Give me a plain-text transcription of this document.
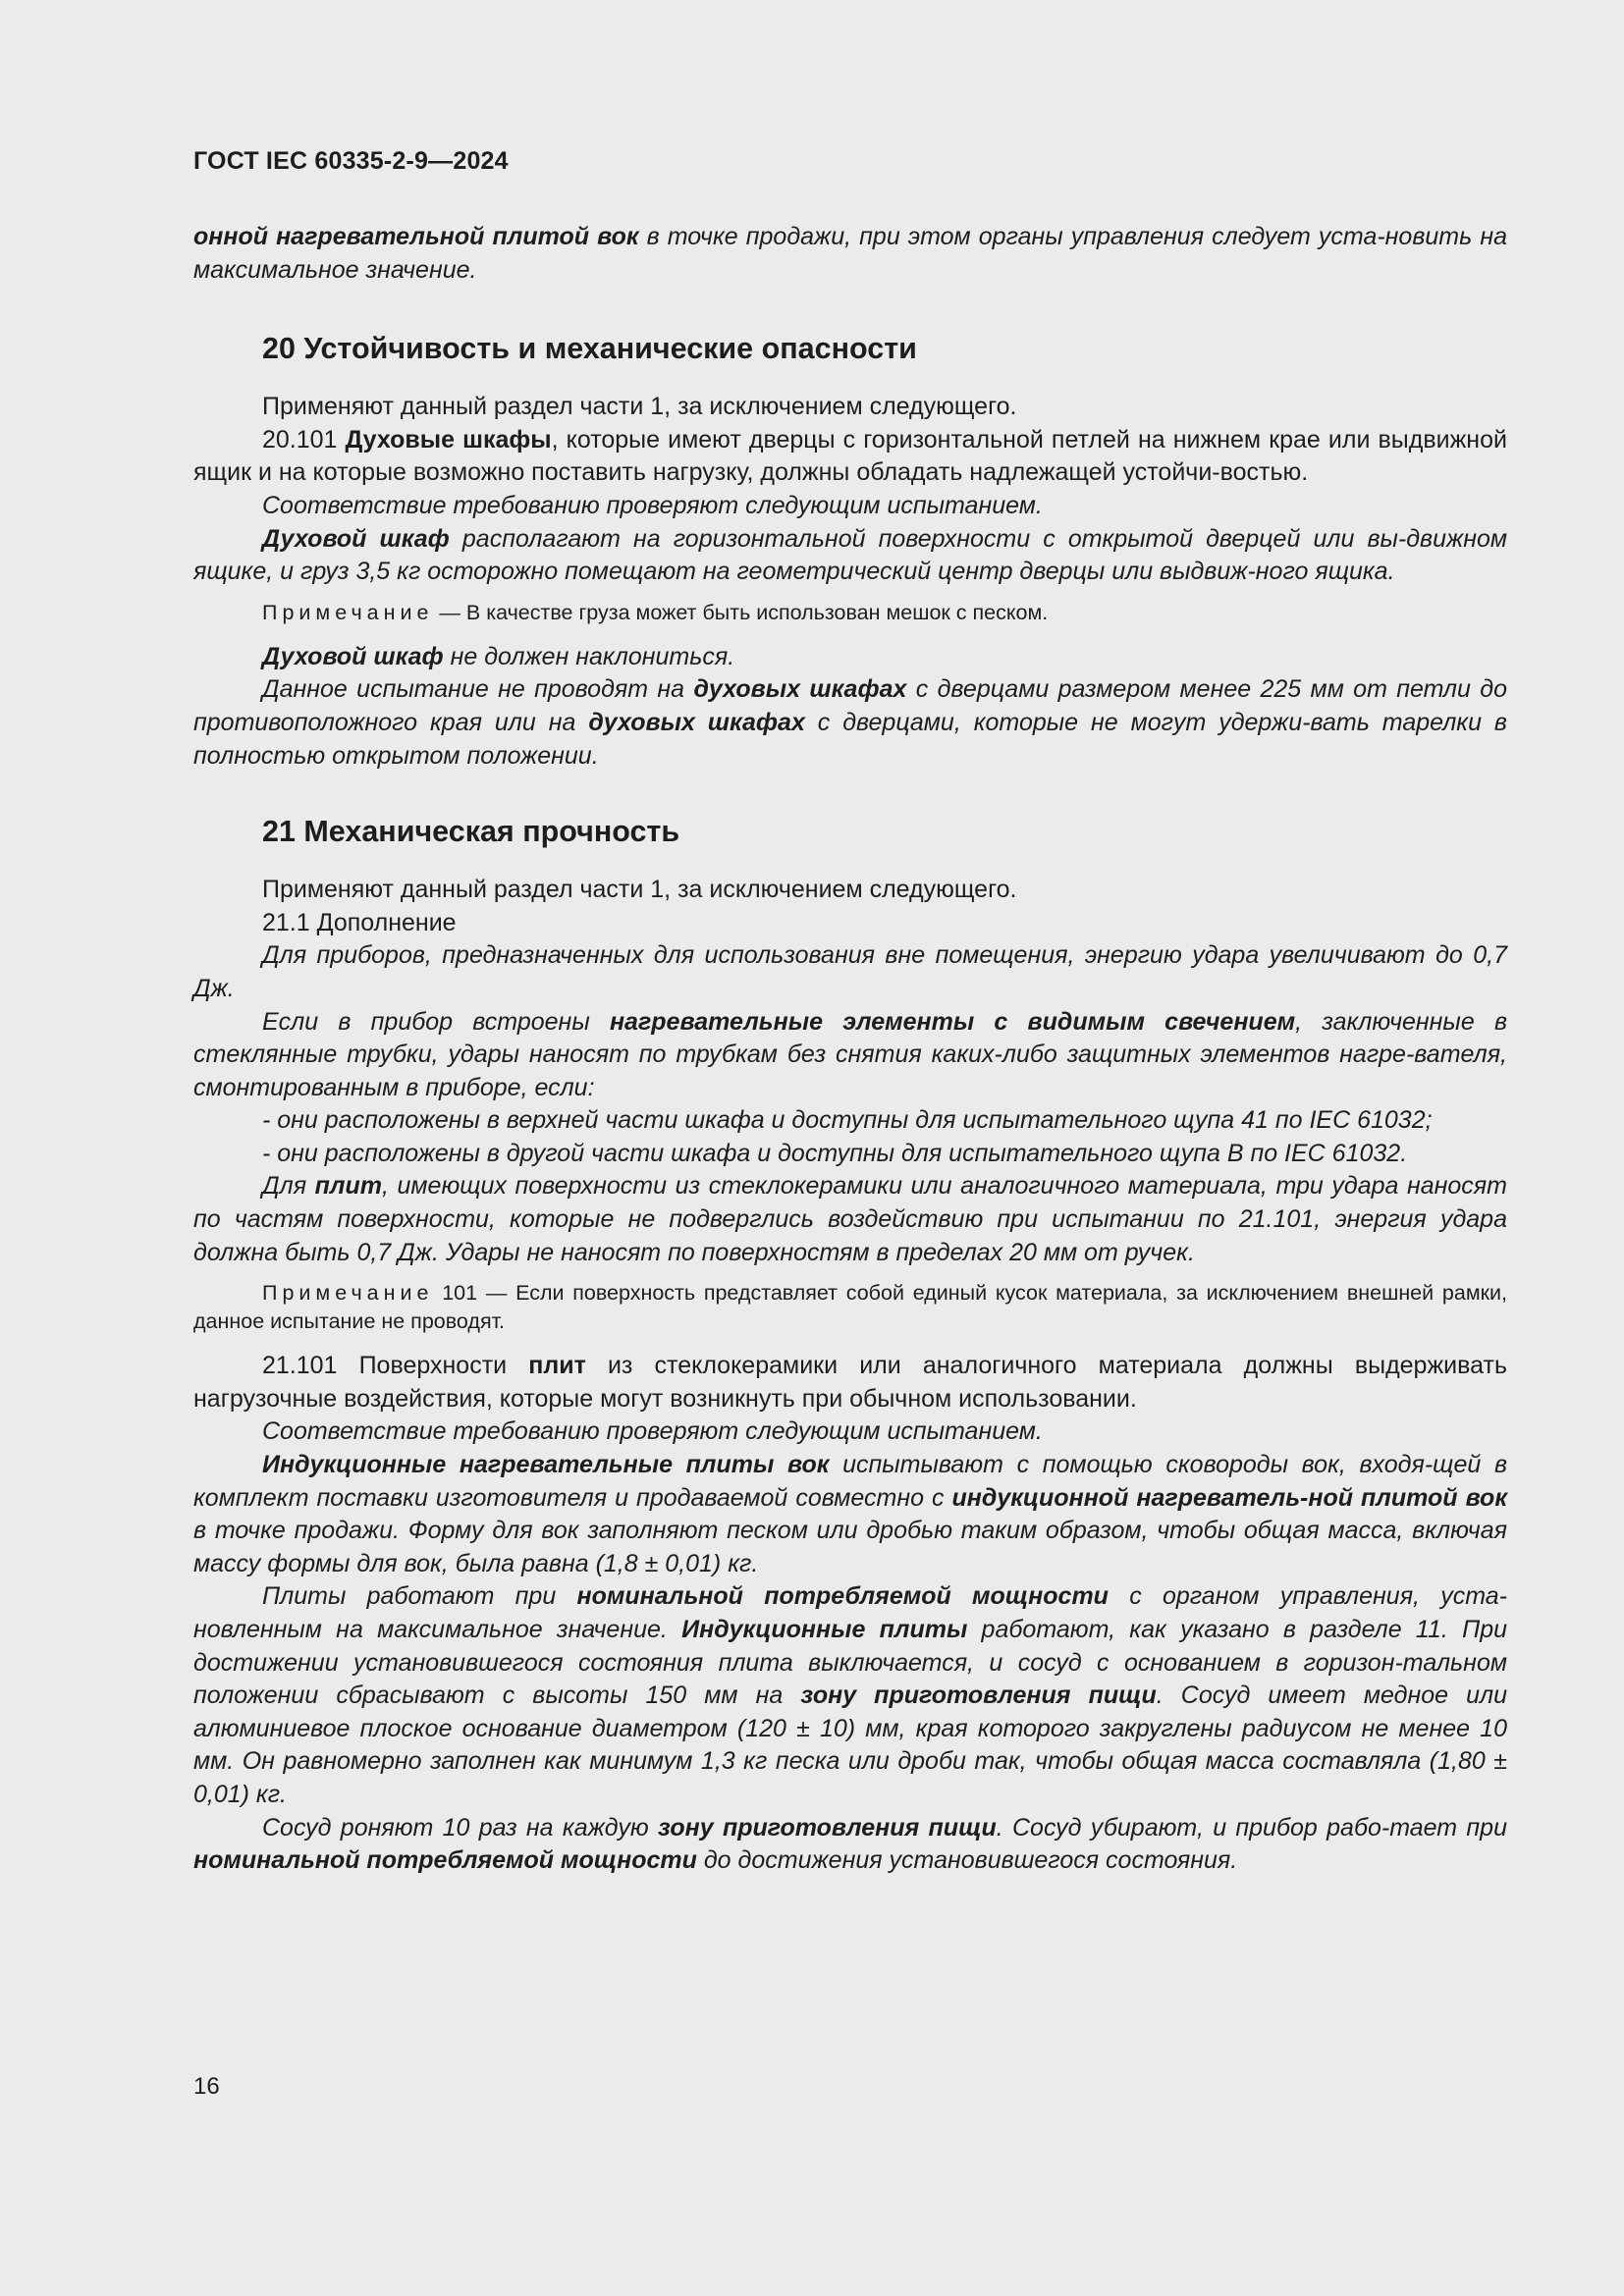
ГОСТ IEC 60335-2-9—2024

онной нагревательной плитой вок в точке продажи, при этом органы управления следует уста-новить на максимальное значение.

20 Устойчивость и механические опасности

Применяют данный раздел части 1, за исключением следующего.

20.101 Духовые шкафы, которые имеют дверцы с горизонтальной петлей на нижнем крае или выдвижной ящик и на которые возможно поставить нагрузку, должны обладать надлежащей устойчи-востью.

Соответствие требованию проверяют следующим испытанием.

Духовой шкаф располагают на горизонтальной поверхности с открытой дверцей или вы-движном ящике, и груз 3,5 кг осторожно помещают на геометрический центр дверцы или выдвиж-ного ящика.

Примечание — В качестве груза может быть использован мешок с песком.

Духовой шкаф не должен наклониться.

Данное испытание не проводят на духовых шкафах с дверцами размером менее 225 мм от петли до противоположного края или на духовых шкафах с дверцами, которые не могут удержи-вать тарелки в полностью открытом положении.

21 Механическая прочность

Применяют данный раздел части 1, за исключением следующего.

21.1 Дополнение

Для приборов, предназначенных для использования вне помещения, энергию удара увеличивают до 0,7 Дж.

Если в прибор встроены нагревательные элементы с видимым свечением, заключенные в стеклянные трубки, удары наносят по трубкам без снятия каких-либо защитных элементов нагре-вателя, смонтированным в приборе, если:

- они расположены в верхней части шкафа и доступны для испытательного щупа 41 по IEC 61032;

- они расположены в другой части шкафа и доступны для испытательного щупа В по IEC 61032.

Для плит, имеющих поверхности из стеклокерамики или аналогичного материала, три удара наносят по частям поверхности, которые не подверглись воздействию при испытании по 21.101, энергия удара должна быть 0,7 Дж. Удары не наносят по поверхностям в пределах 20 мм от ручек.

Примечание 101 — Если поверхность представляет собой единый кусок материала, за исключением внешней рамки, данное испытание не проводят.

21.101 Поверхности плит из стеклокерамики или аналогичного материала должны выдерживать нагрузочные воздействия, которые могут возникнуть при обычном использовании.

Соответствие требованию проверяют следующим испытанием.

Индукционные нагревательные плиты вок испытывают с помощью сковороды вок, входя-щей в комплект поставки изготовителя и продаваемой совместно с индукционной нагреватель-ной плитой вок в точке продажи. Форму для вок заполняют песком или дробью таким образом, чтобы общая масса, включая массу формы для вок, была равна (1,8 ± 0,01) кг.

Плиты работают при номинальной потребляемой мощности с органом управления, уста-новленным на максимальное значение. Индукционные плиты работают, как указано в разделе 11. При достижении установившегося состояния плита выключается, и сосуд с основанием в горизон-тальном положении сбрасывают с высоты 150 мм на зону приготовления пищи. Сосуд имеет медное или алюминиевое плоское основание диаметром (120 ± 10) мм, края которого закруглены радиусом не менее 10 мм. Он равномерно заполнен как минимум 1,3 кг песка или дроби так, чтобы общая масса составляла (1,80 ± 0,01) кг.

Сосуд роняют 10 раз на каждую зону приготовления пищи. Сосуд убирают, и прибор рабо-тает при номинальной потребляемой мощности до достижения установившегося состояния.

16
